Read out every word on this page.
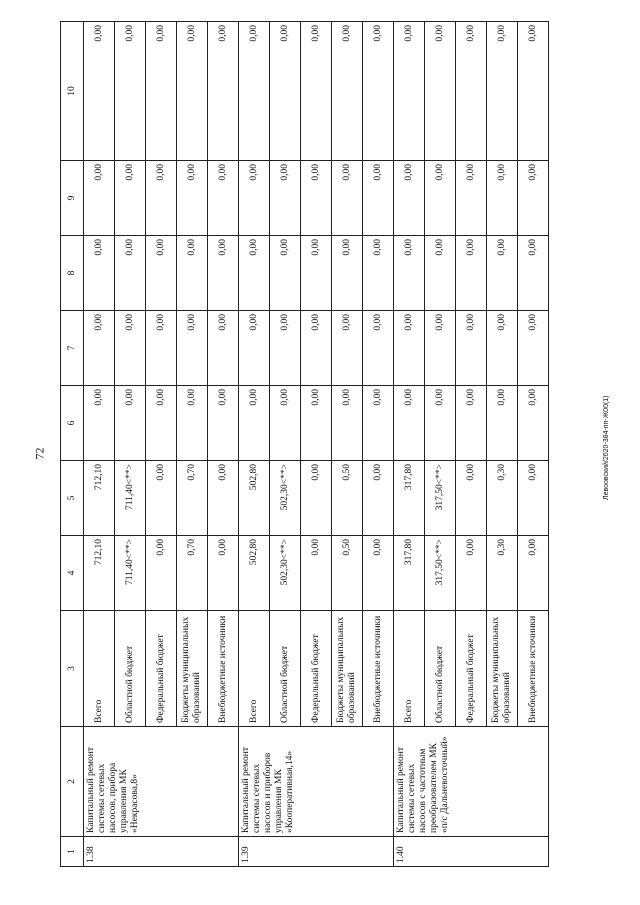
72	Левоовский/2020-384-пп-Ж00(1)
1	2	3	4	5	6	7	8	9	10
1.38	Капитальный ремонт системы сетевых насосов, прибора управления МК «Некрасова,8»	Всего	712,10	712,10	0,00	0,00	0,00	0,00	0,00
		Областной бюджет	711,40<**>	711,40<**>	0,00	0,00	0,00	0,00	0,00
		Федеральный бюджет	0,00	0,00	0,00	0,00	0,00	0,00	0,00
		Бюджеты муниципальных образований	0,70	0,70	0,00	0,00	0,00	0,00	0,00
		Внебюджетные источники	0,00	0,00	0,00	0,00	0,00	0,00	0,00
1.39	Капитальный ремонт системы сетевых насосов и приборов управления МК «Кооперативная,14»	Всего	502,80	502,80	0,00	0,00	0,00	0,00	0,00
		Областной бюджет	502,30<**>	502,30<**>	0,00	0,00	0,00	0,00	0,00
		Федеральный бюджет	0,00	0,00	0,00	0,00	0,00	0,00	0,00
		Бюджеты муниципальных образований	0,50	0,50	0,00	0,00	0,00	0,00	0,00
		Внебюджетные источники	0,00	0,00	0,00	0,00	0,00	0,00	0,00
1.40	Капитальный ремонт системы сетевых насосов с частотным преобразователем МК «п/с Дальневосточный»	Всего	317,80	317,80	0,00	0,00	0,00	0,00	0,00
		Областной бюджет	317,50<**>	317,50<**>	0,00	0,00	0,00	0,00	0,00
		Федеральный бюджет	0,00	0,00	0,00	0,00	0,00	0,00	0,00
		Бюджеты муниципальных образований	0,30	0,30	0,00	0,00	0,00	0,00	0,00
		Внебюджетные источники	0,00	0,00	0,00	0,00	0,00	0,00	0,00
